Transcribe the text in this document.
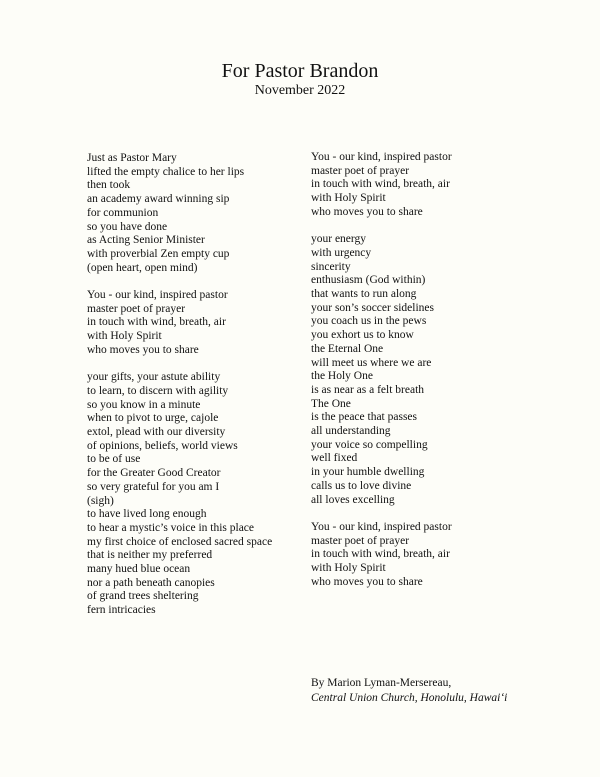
For Pastor Brandon
November 2022
Just as Pastor Mary
lifted the empty chalice to her lips
then took
an academy award winning sip
for communion
so you have done
as Acting Senior Minister
with proverbial Zen empty cup
(open heart, open mind)
You - our kind, inspired pastor
master poet of prayer
in touch with wind, breath, air
with Holy Spirit
who moves you to share
your gifts, your astute ability
to learn, to discern with agility
so you know in a minute
when to pivot to urge, cajole
extol, plead with our diversity
of opinions, beliefs, world views
to be of use
for the Greater Good Creator
so very grateful for you am I
(sigh)
to have lived long enough
to hear a mystic’s voice in this place
my first choice of enclosed sacred space
that is neither my preferred
many hued blue ocean
nor a path beneath canopies
of grand trees sheltering
fern intricacies
You - our kind, inspired pastor
master poet of prayer
in touch with wind, breath, air
with Holy Spirit
who moves you to share
your energy
with urgency
sincerity
enthusiasm (God within)
that wants to run along
your son’s soccer sidelines
you coach us in the pews
you exhort us to know
the Eternal One
will meet us where we are
the Holy One
is as near as a felt breath
The One
is the peace that passes
all understanding
your voice so compelling
well fixed
in your humble dwelling
calls us to love divine
all loves excelling
You - our kind, inspired pastor
master poet of prayer
in touch with wind, breath, air
with Holy Spirit
who moves you to share
By Marion Lyman-Mersereau,
Central Union Church, Honolulu, Hawai‘i
